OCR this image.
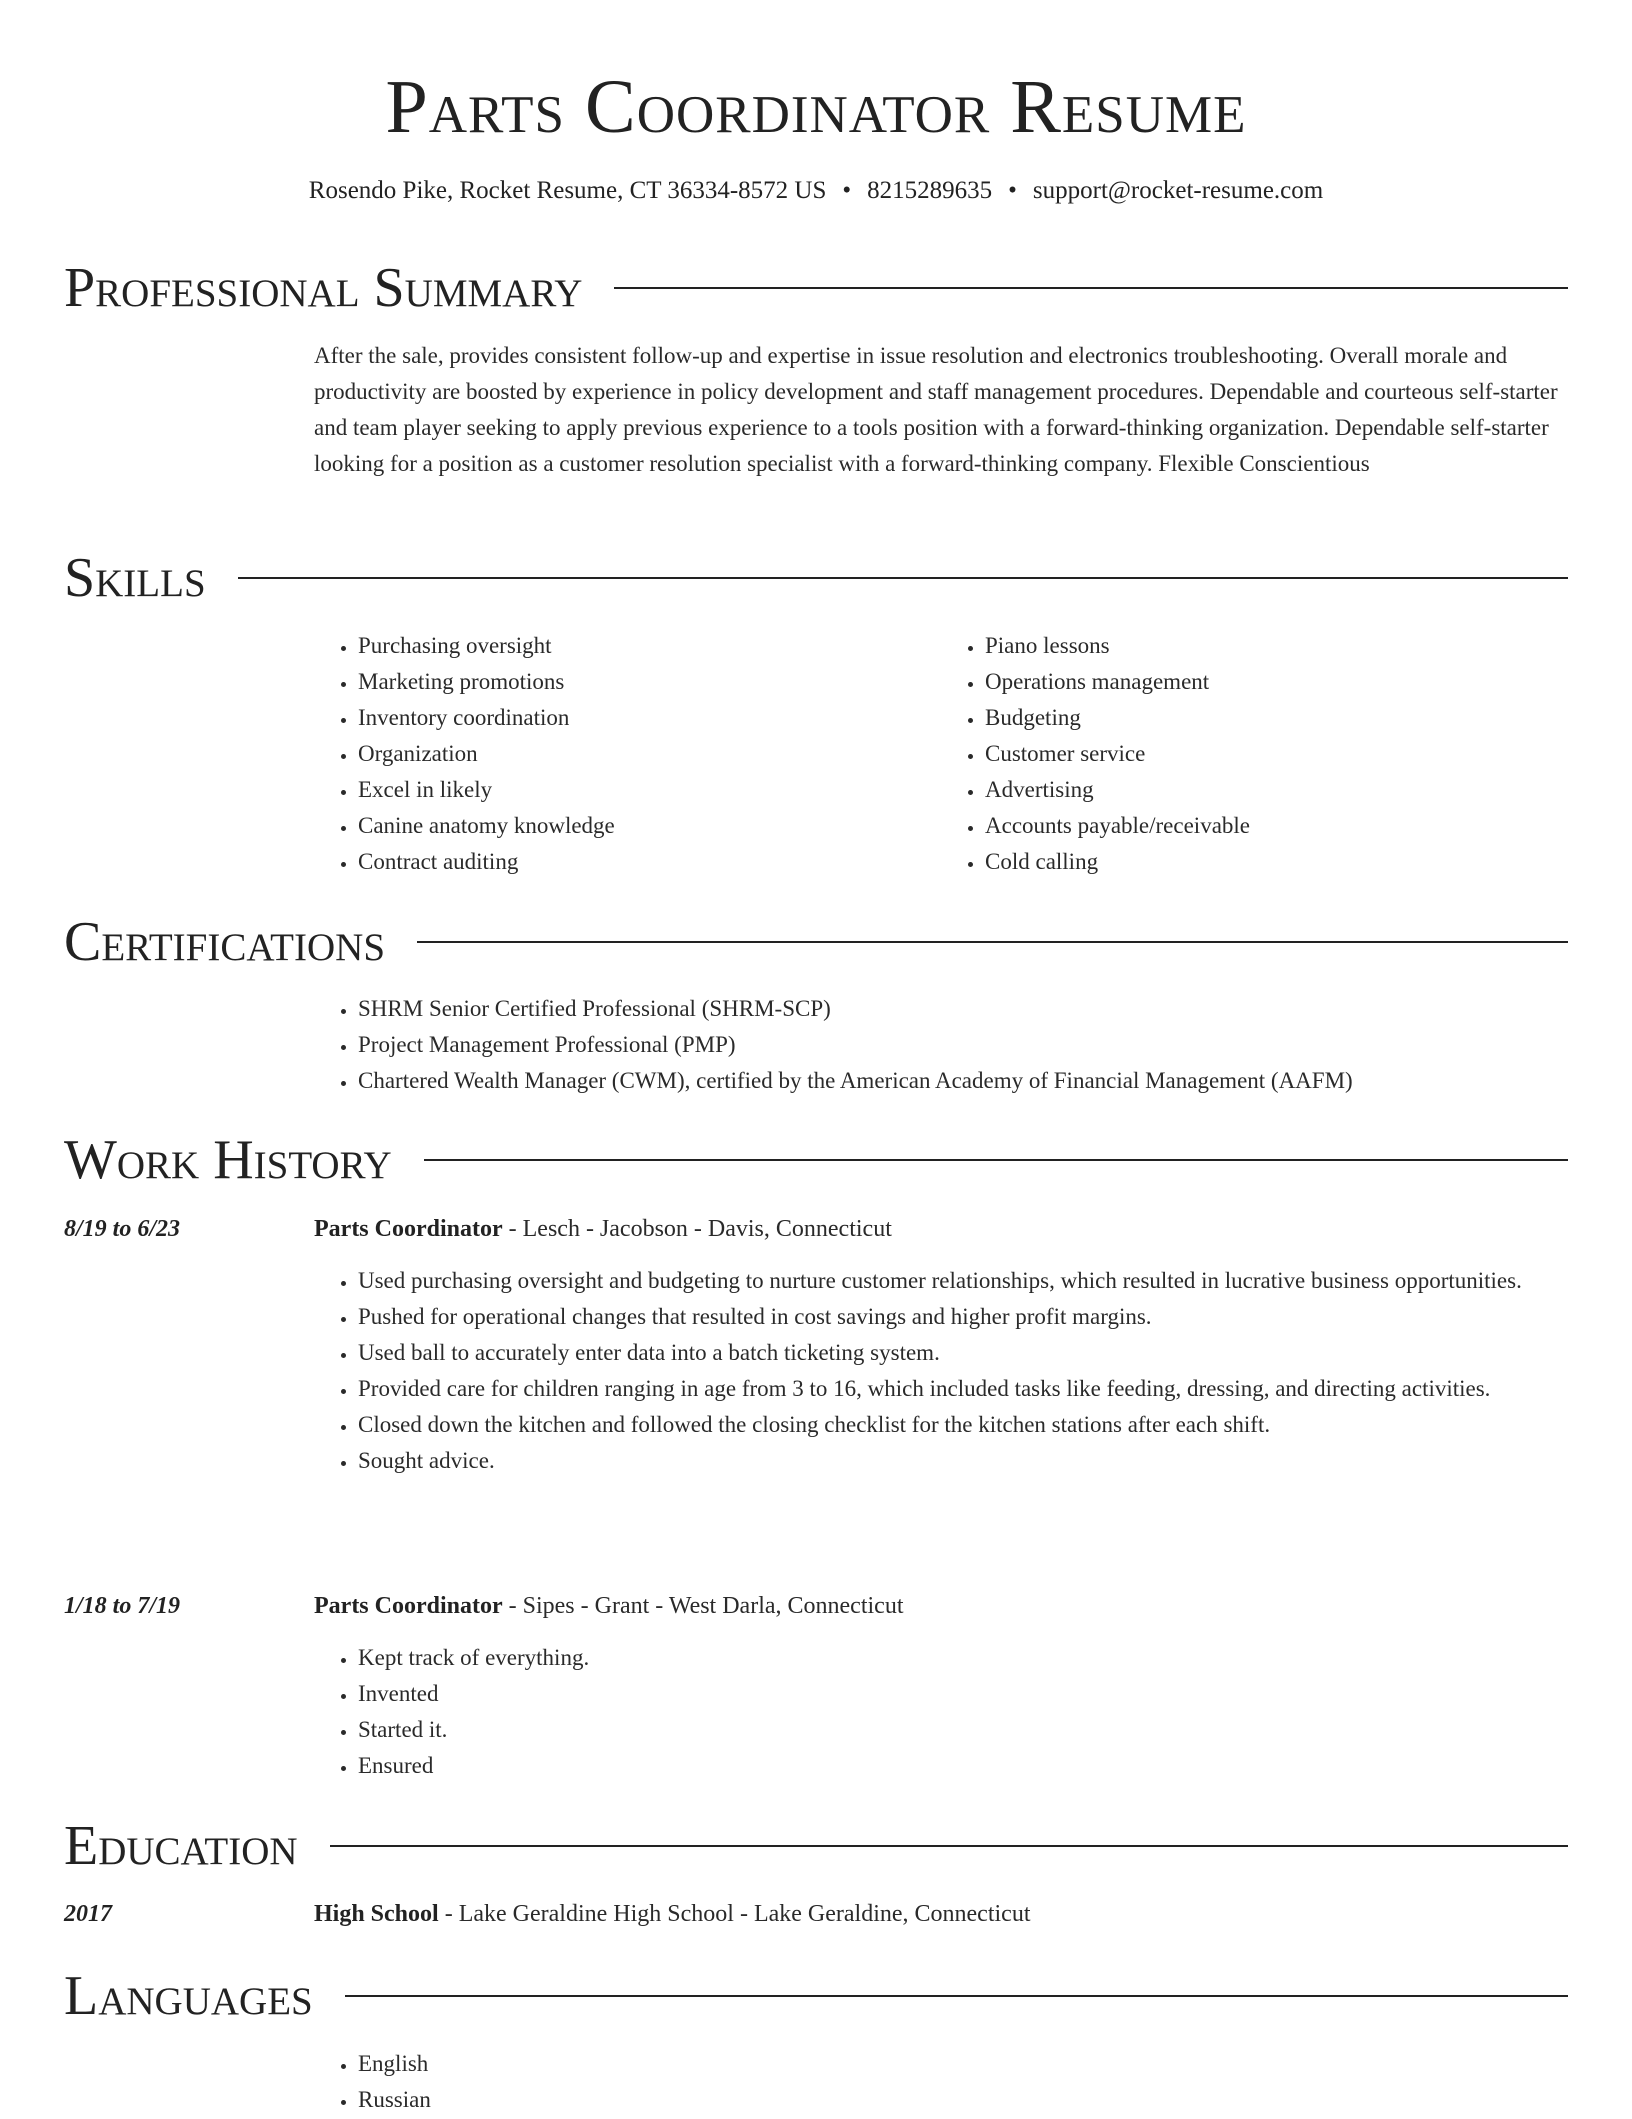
Parts Coordinator Resume
Rosendo Pike, Rocket Resume, CT 36334-8572 US • 8215289635 • support@rocket-resume.com
Professional Summary

After the sale, provides consistent follow-up and expertise in issue resolution and electronics troubleshooting. Overall morale and productivity are boosted by experience in policy development and staff management procedures. Dependable and courteous self-starter and team player seeking to apply previous experience to a tools position with a forward-thinking organization. Dependable self-starter looking for a position as a customer resolution specialist with a forward-thinking company. Flexible Conscientious

Skills
• Purchasing oversight
• Marketing promotions
• Inventory coordination
• Organization
• Excel in likely
• Canine anatomy knowledge
• Contract auditing
• Piano lessons
• Operations management
• Budgeting
• Customer service
• Advertising
• Accounts payable/receivable
• Cold calling
Certifications
• SHRM Senior Certified Professional (SHRM-SCP)
• Project Management Professional (PMP)
• Chartered Wealth Manager (CWM), certified by the American Academy of Financial Management (AAFM)
Work History
8/19 to 6/23	Parts Coordinator - Lesch - Jacobson - Davis, Connecticut
• Used purchasing oversight and budgeting to nurture customer relationships, which resulted in lucrative business opportunities.
• Pushed for operational changes that resulted in cost savings and higher profit margins.
• Used ball to accurately enter data into a batch ticketing system.
• Provided care for children ranging in age from 3 to 16, which included tasks like feeding, dressing, and directing activities.
• Closed down the kitchen and followed the closing checklist for the kitchen stations after each shift.
• Sought advice.
1/18 to 7/19	Parts Coordinator - Sipes - Grant - West Darla, Connecticut
• Kept track of everything.
• Invented
• Started it.
• Ensured
Education
2017	High School - Lake Geraldine High School - Lake Geraldine, Connecticut
Languages
• English
• Russian
